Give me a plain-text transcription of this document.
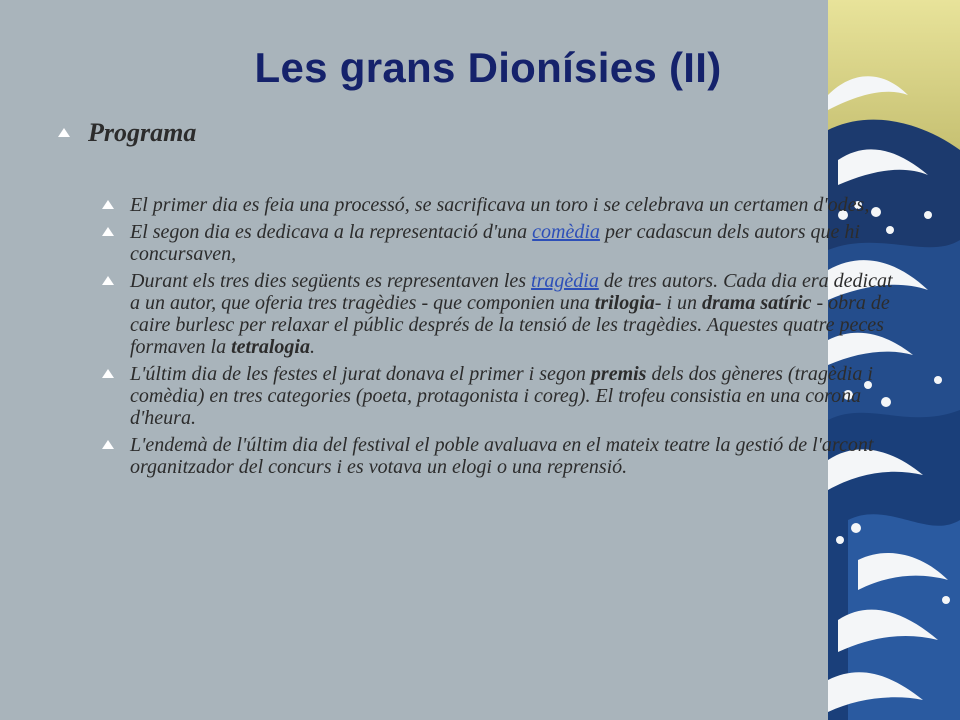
Les grans Dionísies (II)
Programa
El primer dia es feia una processó, se sacrificava un toro i se celebrava un certamen d'odes,
El segon dia es dedicava a la representació d'una comèdia per cadascun dels autors que hi concursaven,
Durant els tres dies següents es representaven les tragèdia de tres autors. Cada dia era dedicat a un autor, que oferia tres tragèdies - que componien una trilogia- i un drama satíric - obra de caire burlesc per relaxar el públic després de la tensió de les tragèdies. Aquestes quatre peces formaven la tetralogia.
L'últim dia de les festes el jurat donava el primer i segon premis dels dos gèneres (tragèdia i comèdia) en tres categories (poeta, protagonista i coreg). El trofeu consistia en una corona d'heura.
L'endemà de l'últim dia del festival el poble avaluava en el mateix teatre la gestió de l'arcont organitzador del concurs i es votava un elogi o una reprensió.
